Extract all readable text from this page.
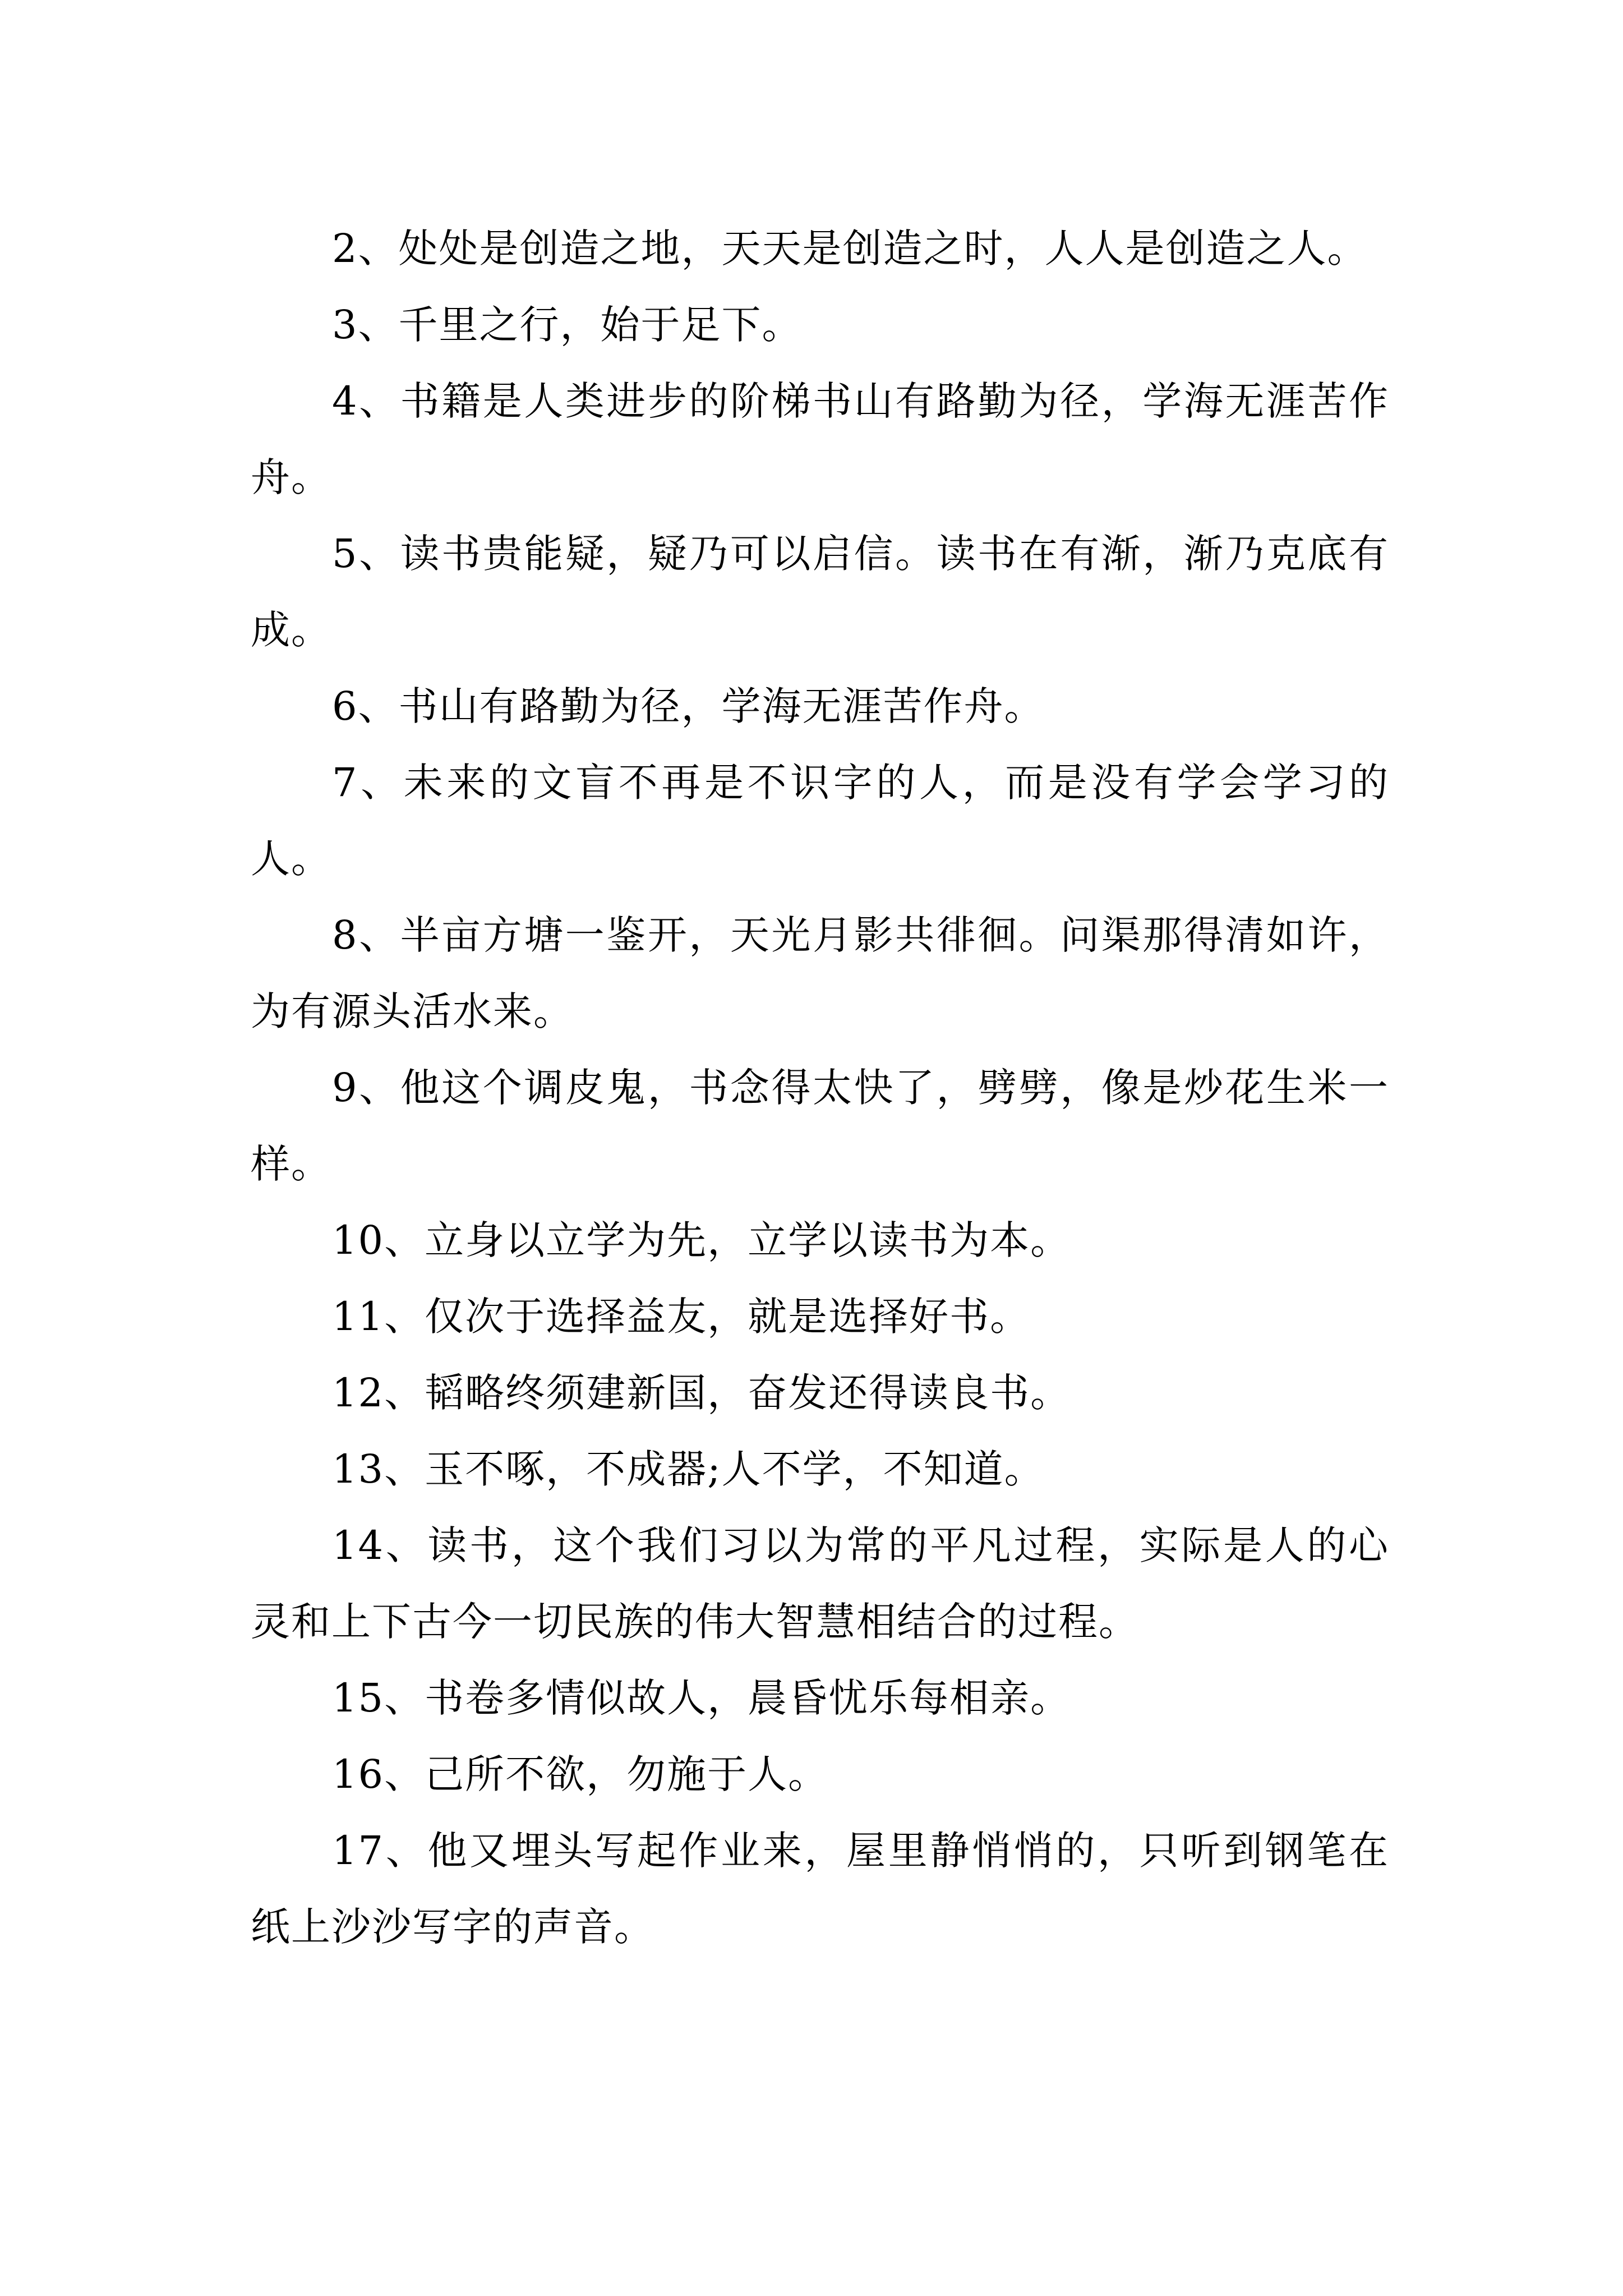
2、处处是创造之地，天天是创造之时，人人是创造之人。

3、千里之行，始于足下。

4、书籍是人类进步的阶梯书山有路勤为径，学海无涯苦作舟。

5、读书贵能疑，疑乃可以启信。读书在有渐，渐乃克底有成。

6、书山有路勤为径，学海无涯苦作舟。

7、未来的文盲不再是不识字的人，而是没有学会学习的人。

8、半亩方塘一鉴开，天光月影共徘徊。问渠那得清如许，为有源头活水来。

9、他这个调皮鬼，书念得太快了，劈劈，像是炒花生米一样。

10、立身以立学为先，立学以读书为本。

11、仅次于选择益友，就是选择好书。

12、韬略终须建新国，奋发还得读良书。

13、玉不啄，不成器;人不学，不知道。

14、读书，这个我们习以为常的平凡过程，实际是人的心灵和上下古今一切民族的伟大智慧相结合的过程。

15、书卷多情似故人，晨昏忧乐每相亲。

16、己所不欲，勿施于人。

17、他又埋头写起作业来，屋里静悄悄的，只听到钢笔在纸上沙沙写字的声音。
